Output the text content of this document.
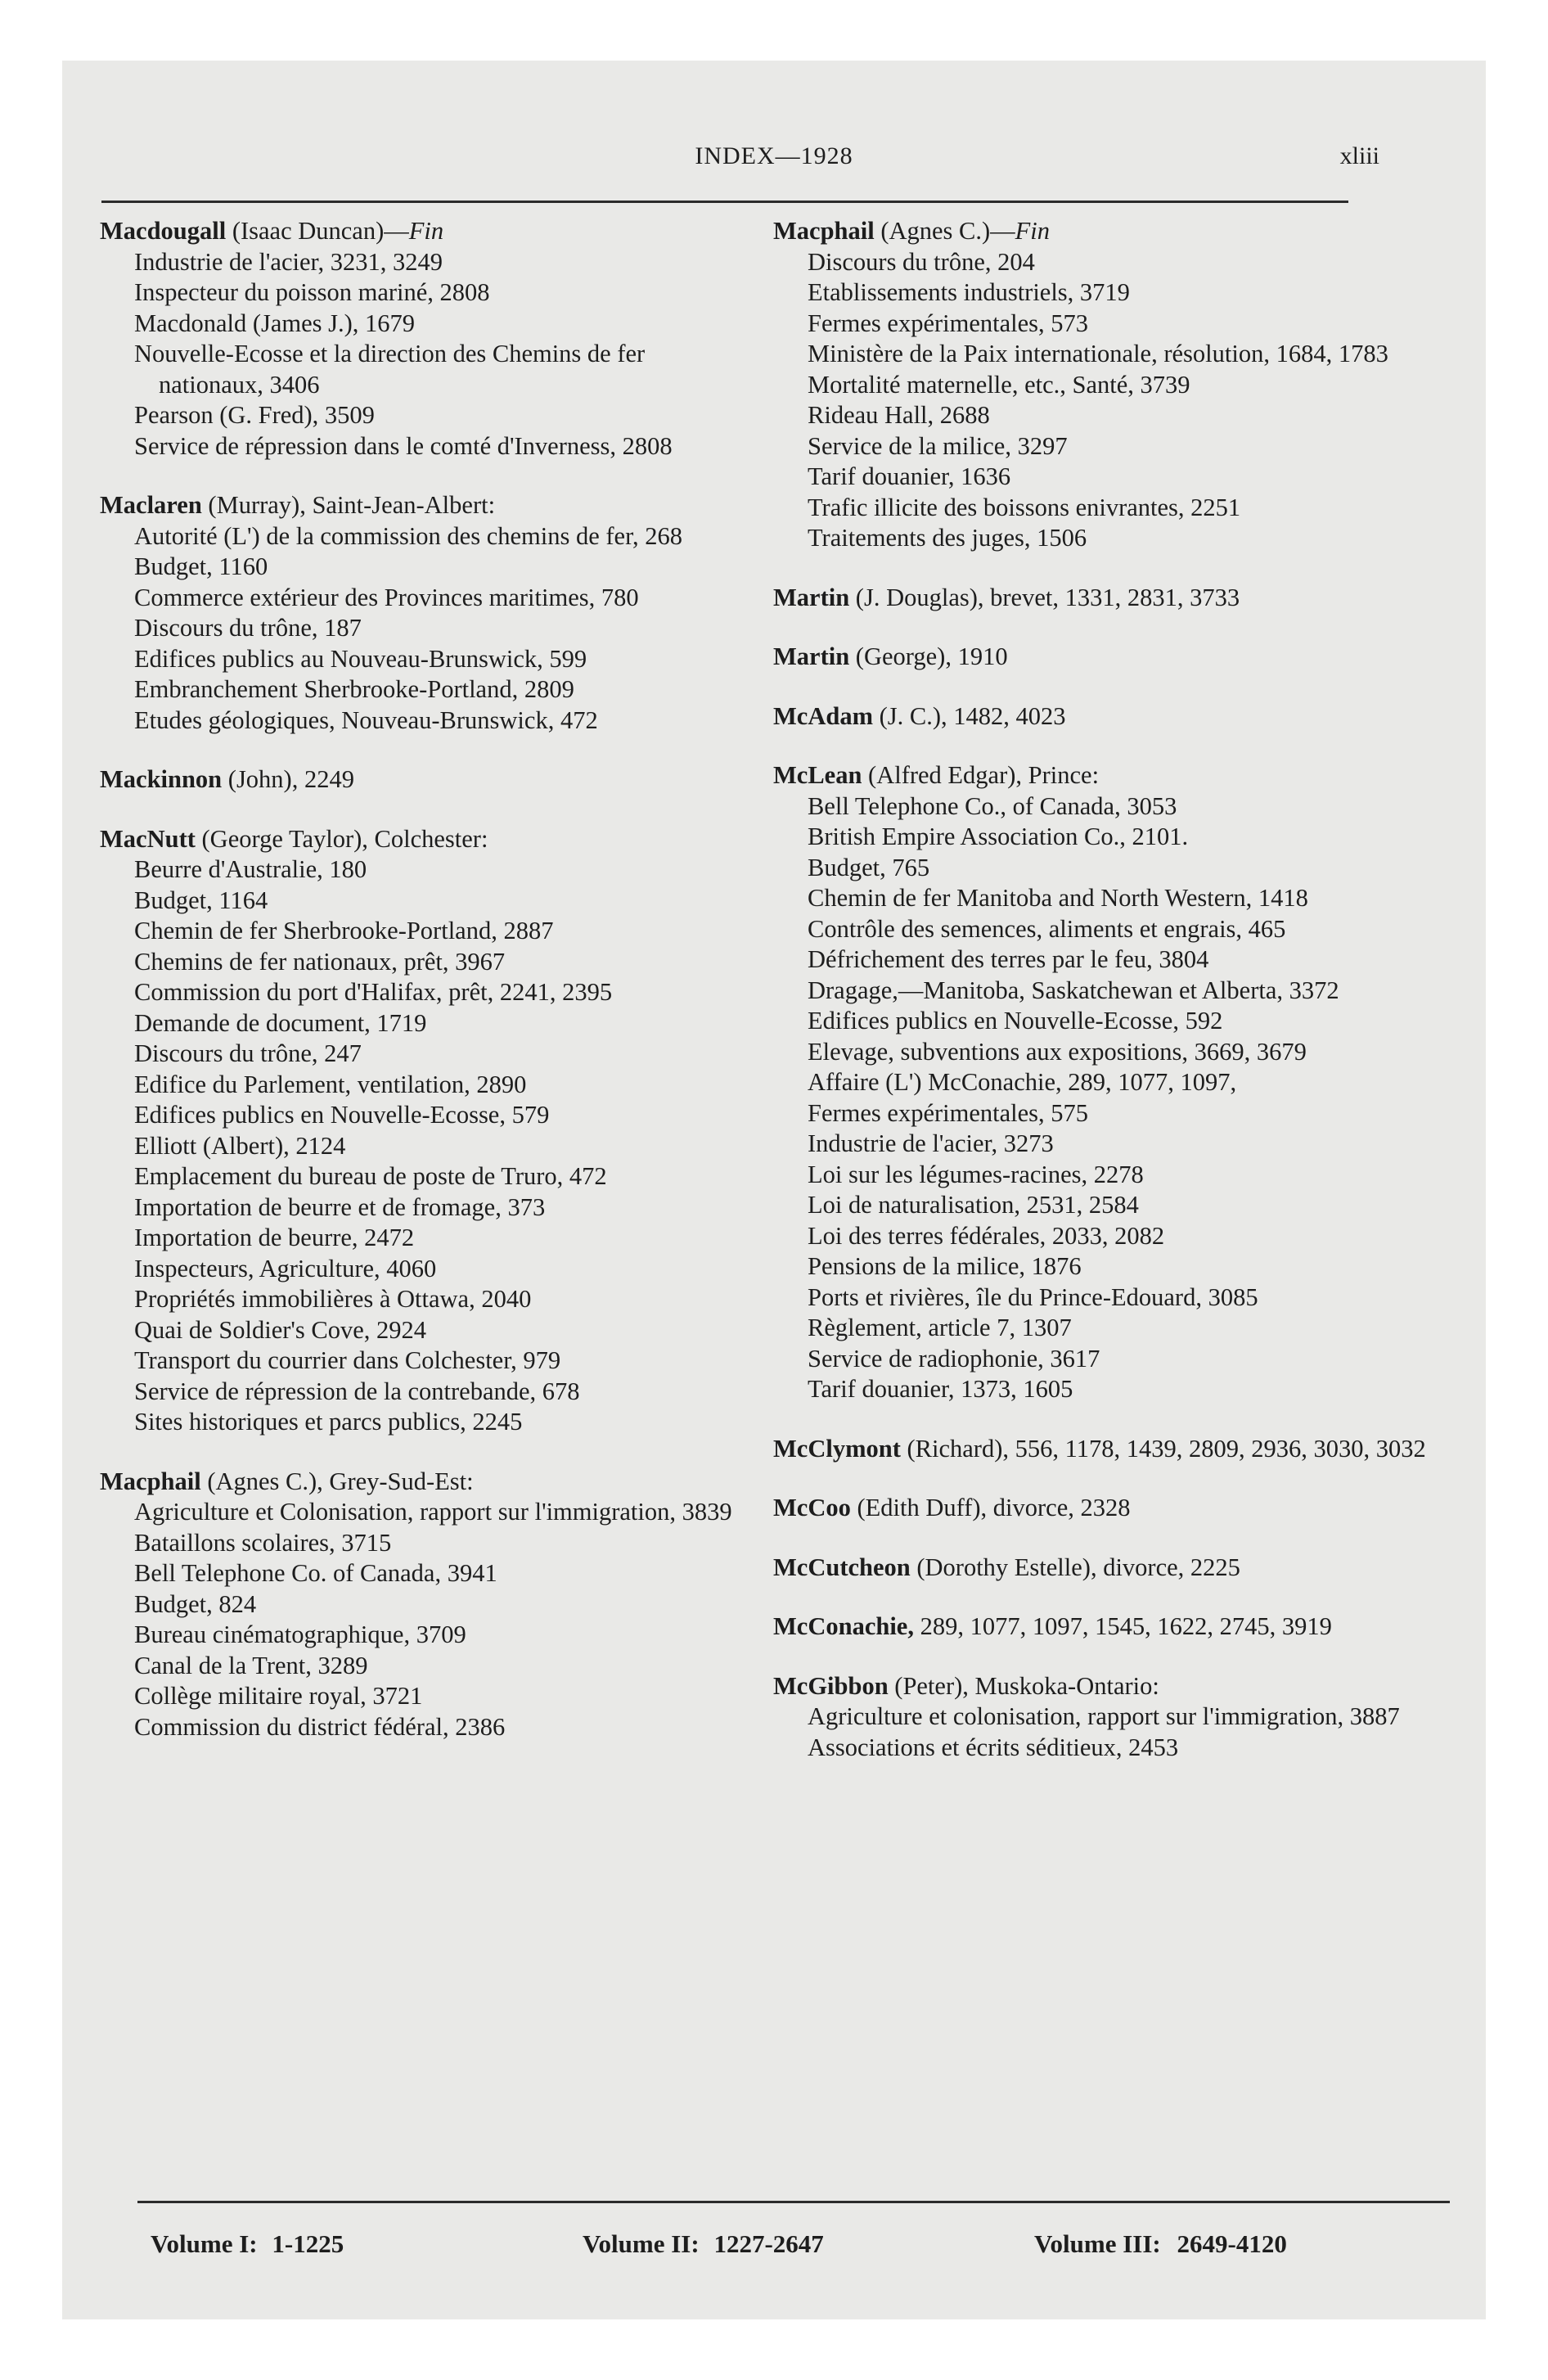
INDEX—1928	xliii
Macdougall (Isaac Duncan)—Fin
Industrie de l'acier, 3231, 3249
Inspecteur du poisson mariné, 2808
Macdonald (James J.), 1679
Nouvelle-Ecosse et la direction des Chemins de fer nationaux, 3406
Pearson (G. Fred), 3509
Service de répression dans le comté d'Inverness, 2808
Maclaren (Murray), Saint-Jean-Albert:
Autorité (L') de la commission des chemins de fer, 268
Budget, 1160
Commerce extérieur des Provinces maritimes, 780
Discours du trône, 187
Edifices publics au Nouveau-Brunswick, 599
Embranchement Sherbrooke-Portland, 2809
Etudes géologiques, Nouveau-Brunswick, 472
Mackinnon (John), 2249
MacNutt (George Taylor), Colchester:
Beurre d'Australie, 180
Budget, 1164
Chemin de fer Sherbrooke-Portland, 2887
Chemins de fer nationaux, prêt, 3967
Commission du port d'Halifax, prêt, 2241, 2395
Demande de document, 1719
Discours du trône, 247
Edifice du Parlement, ventilation, 2890
Edifices publics en Nouvelle-Ecosse, 579
Elliott (Albert), 2124
Emplacement du bureau de poste de Truro, 472
Importation de beurre et de fromage, 373
Importation de beurre, 2472
Inspecteurs, Agriculture, 4060
Propriétés immobilières à Ottawa, 2040
Quai de Soldier's Cove, 2924
Transport du courrier dans Colchester, 979
Service de répression de la contrebande, 678
Sites historiques et parcs publics, 2245
Macphail (Agnes C.), Grey-Sud-Est:
Agriculture et Colonisation, rapport sur l'immigration, 3839
Bataillons scolaires, 3715
Bell Telephone Co. of Canada, 3941
Budget, 824
Bureau cinématographique, 3709
Canal de la Trent, 3289
Collège militaire royal, 3721
Commission du district fédéral, 2386
Macphail (Agnes C.)—Fin
Discours du trône, 204
Etablissements industriels, 3719
Fermes expérimentales, 573
Ministère de la Paix internationale, résolution, 1684, 1783
Mortalité maternelle, etc., Santé, 3739
Rideau Hall, 2688
Service de la milice, 3297
Tarif douanier, 1636
Trafic illicite des boissons enivrantes, 2251
Traitements des juges, 1506
Martin (J. Douglas), brevet, 1331, 2831, 3733
Martin (George), 1910
McAdam (J. C.), 1482, 4023
McLean (Alfred Edgar), Prince:
Bell Telephone Co., of Canada, 3053
British Empire Association Co., 2101.
Budget, 765
Chemin de fer Manitoba and North Western, 1418
Contrôle des semences, aliments et engrais, 465
Défrichement des terres par le feu, 3804
Dragage,—Manitoba, Saskatchewan et Alberta, 3372
Edifices publics en Nouvelle-Ecosse, 592
Elevage, subventions aux expositions, 3669, 3679
Affaire (L') McConachie, 289, 1077, 1097,
Fermes expérimentales, 575
Industrie de l'acier, 3273
Loi sur les légumes-racines, 2278
Loi de naturalisation, 2531, 2584
Loi des terres fédérales, 2033, 2082
Pensions de la milice, 1876
Ports et rivières, île du Prince-Edouard, 3085
Règlement, article 7, 1307
Service de radiophonie, 3617
Tarif douanier, 1373, 1605
McClymont (Richard), 556, 1178, 1439, 2809, 2936, 3030, 3032
McCoo (Edith Duff), divorce, 2328
McCutcheon (Dorothy Estelle), divorce, 2225
McConachie, 289, 1077, 1097, 1545, 1622, 2745, 3919
McGibbon (Peter), Muskoka-Ontario:
Agriculture et colonisation, rapport sur l'immigration, 3887
Associations et écrits séditieux, 2453
Volume I: 1-1225	Volume II: 1227-2647	Volume III: 2649-4120
